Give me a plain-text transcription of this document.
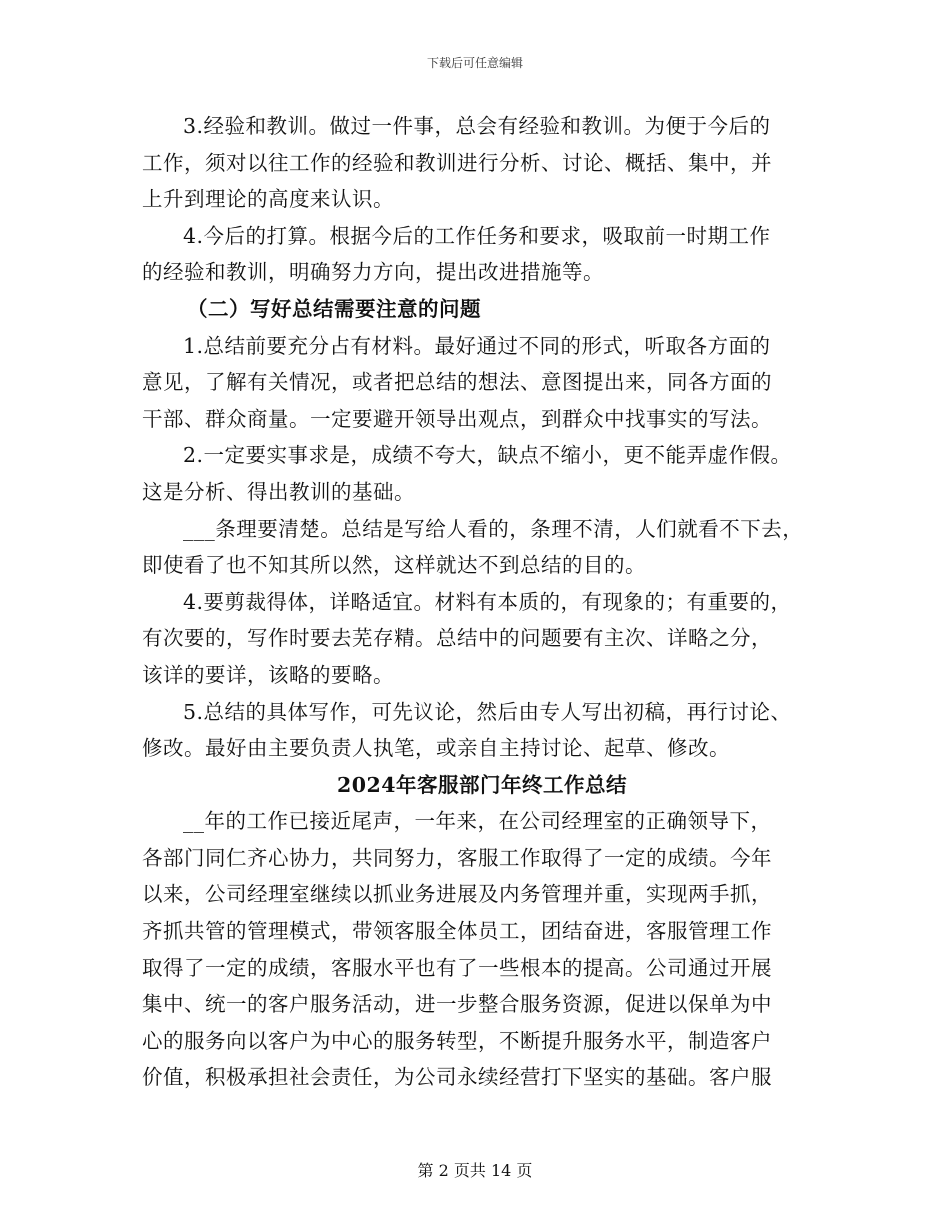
下载后可任意编辑
3.经验和教训。做过一件事，总会有经验和教训。为便于今后的
工作，须对以往工作的经验和教训进行分析、讨论、概括、集中，并
上升到理论的高度来认识。
4.今后的打算。根据今后的工作任务和要求，吸取前一时期工作
的经验和教训，明确努力方向，提出改进措施等。
（二）写好总结需要注意的问题
1.总结前要充分占有材料。最好通过不同的形式，听取各方面的
意见，了解有关情况，或者把总结的想法、意图提出来，同各方面的
干部、群众商量。一定要避开领导出观点，到群众中找事实的写法。
2.一定要实事求是，成绩不夸大，缺点不缩小，更不能弄虚作假。
这是分析、得出教训的基础。
___条理要清楚。总结是写给人看的，条理不清，人们就看不下去，
即使看了也不知其所以然，这样就达不到总结的目的。
4.要剪裁得体，详略适宜。材料有本质的，有现象的；有重要的，
有次要的，写作时要去芜存精。总结中的问题要有主次、详略之分，
该详的要详，该略的要略。
5.总结的具体写作，可先议论，然后由专人写出初稿，再行讨论、
修改。最好由主要负责人执笔，或亲自主持讨论、起草、修改。
2024年客服部门年终工作总结
__年的工作已接近尾声，一年来，在公司经理室的正确领导下，
各部门同仁齐心协力，共同努力，客服工作取得了一定的成绩。今年
以来，公司经理室继续以抓业务进展及内务管理并重，实现两手抓，
齐抓共管的管理模式，带领客服全体员工，团结奋进，客服管理工作
取得了一定的成绩，客服水平也有了一些根本的提高。公司通过开展
集中、统一的客户服务活动，进一步整合服务资源，促进以保单为中
心的服务向以客户为中心的服务转型，不断提升服务水平，制造客户
价值，积极承担社会责任，为公司永续经营打下坚实的基础。客户服
第 2 页共 14 页
